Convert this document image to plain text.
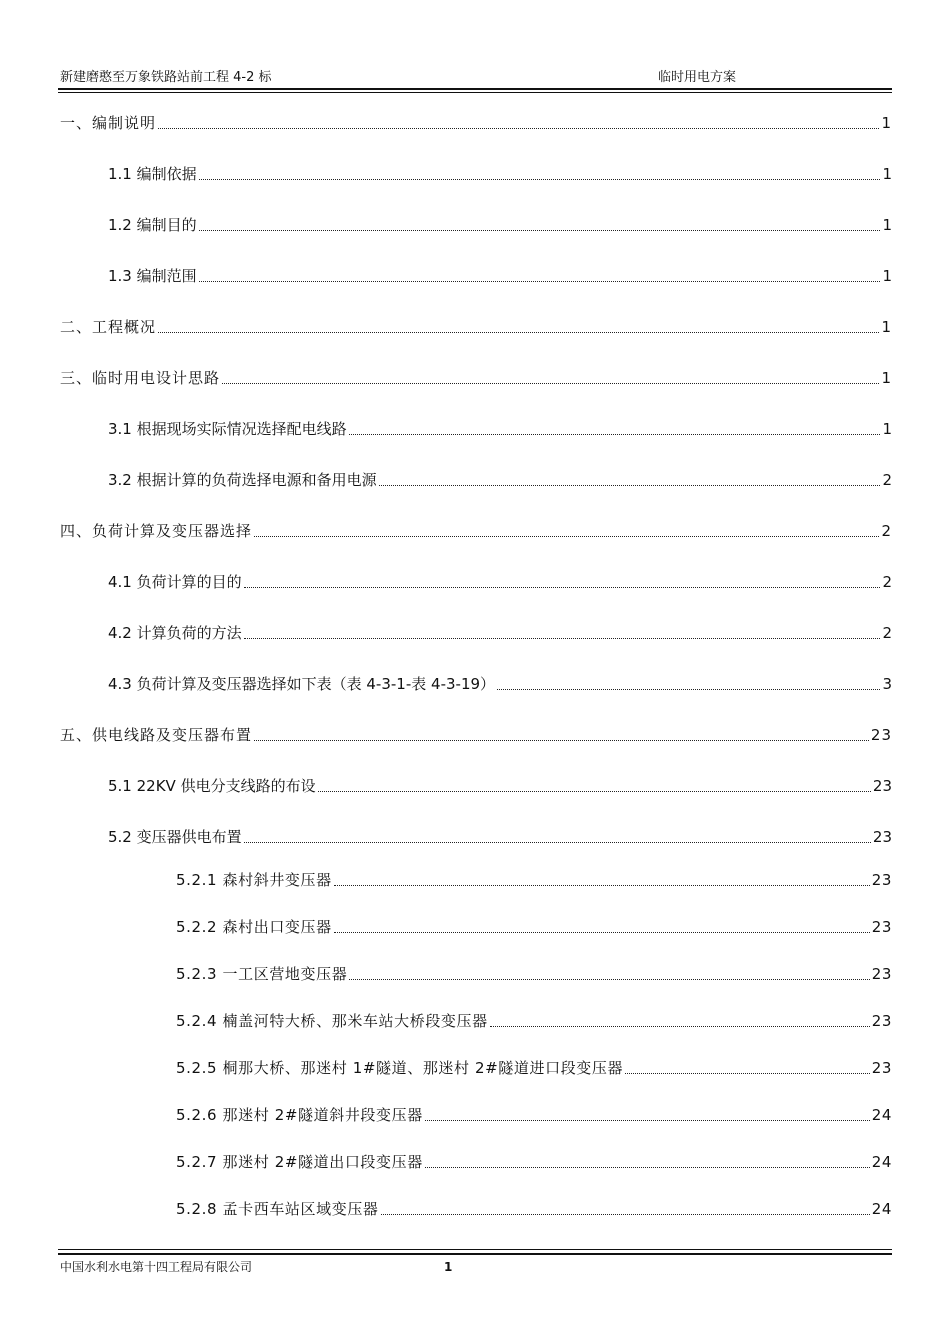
新建磨憨至万象铁路站前工程 4-2 标	临时用电方案
一、编制说明	1
1.1 编制依据	1
1.2 编制目的	1
1.3 编制范围	1
二、工程概况	1
三、临时用电设计思路	1
3.1 根据现场实际情况选择配电线路	1
3.2 根据计算的负荷选择电源和备用电源	2
四、负荷计算及变压器选择	2
4.1 负荷计算的目的	2
4.2 计算负荷的方法	2
4.3 负荷计算及变压器选择如下表（表 4-3-1-表 4-3-19）	3
五、供电线路及变压器布置	23
5.1 22KV 供电分支线路的布设	23
5.2 变压器供电布置	23
5.2.1 森村斜井变压器	23
5.2.2 森村出口变压器	23
5.2.3 一工区营地变压器	23
5.2.4 楠盖河特大桥、那米车站大桥段变压器	23
5.2.5 桐那大桥、那迷村 1#隧道、那迷村 2#隧道进口段变压器	23
5.2.6 那迷村 2#隧道斜井段变压器	24
5.2.7 那迷村 2#隧道出口段变压器	24
5.2.8 孟卡西车站区域变压器	24
中国水利水电第十四工程局有限公司	1
